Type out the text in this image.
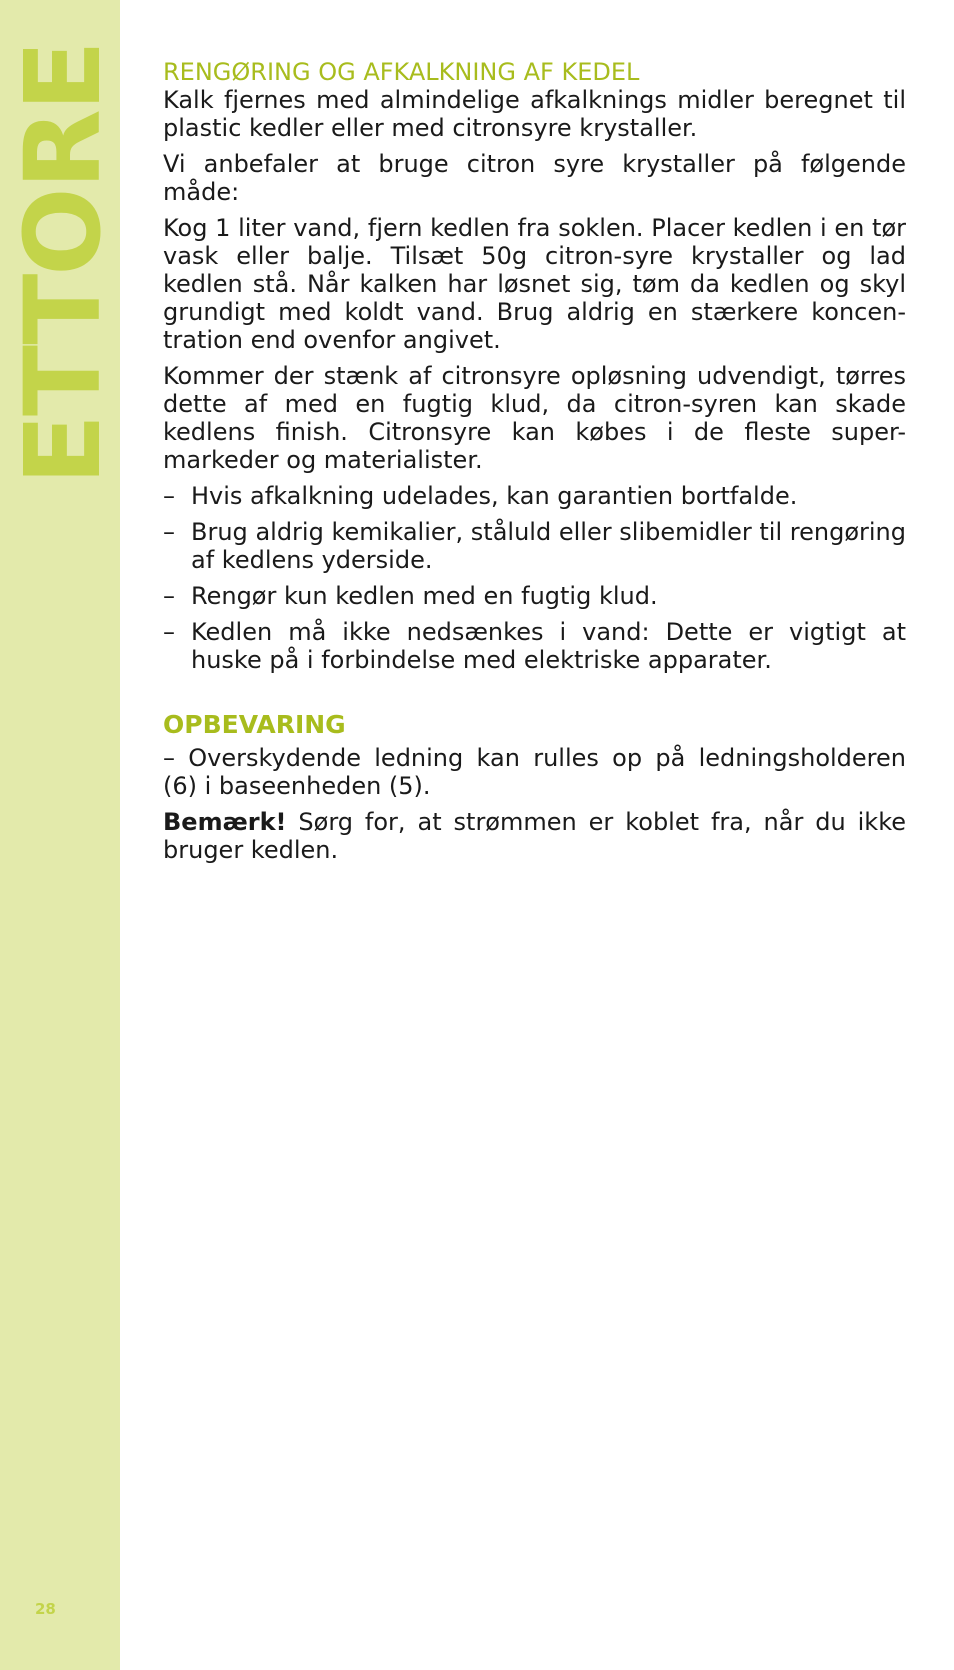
ETTORE
28
RENGØRING OG AFKALKNING AF KEDEL

Kalk fjernes med almindelige afkalknings midler beregnet til plastic kedler eller med citronsyre krystaller.

Vi anbefaler at bruge citron syre krystaller på følgende måde:

Kog 1 liter vand, fjern kedlen fra soklen. Placer kedlen i en tør vask eller balje. Tilsæt 50g citron-syre krystaller og lad kedlen stå. Når kalken har løsnet sig, tøm da kedlen og skyl grundigt med koldt vand. Brug aldrig en stærkere koncen-tration end ovenfor angivet.

Kommer der stænk af citronsyre opløsning udvendigt, tørres dette af med en fugtig klud, da citron-syren kan skade kedlens finish. Citronsyre kan købes i de fleste super-markeder og materialister.

– Hvis afkalkning udelades, kan garantien bortfalde.
– Brug aldrig kemikalier, ståluld eller slibemidler til rengøring af kedlens yderside.
– Rengør kun kedlen med en fugtig klud.
– Kedlen må ikke nedsænkes i vand: Dette er vigtigt at huske på i forbindelse med elektriske apparater.
OPBEVARING

– Overskydende ledning kan rulles op på ledningsholderen (6) i baseenheden (5).

Bemærk! Sørg for, at strømmen er koblet fra, når du ikke bruger kedlen.
